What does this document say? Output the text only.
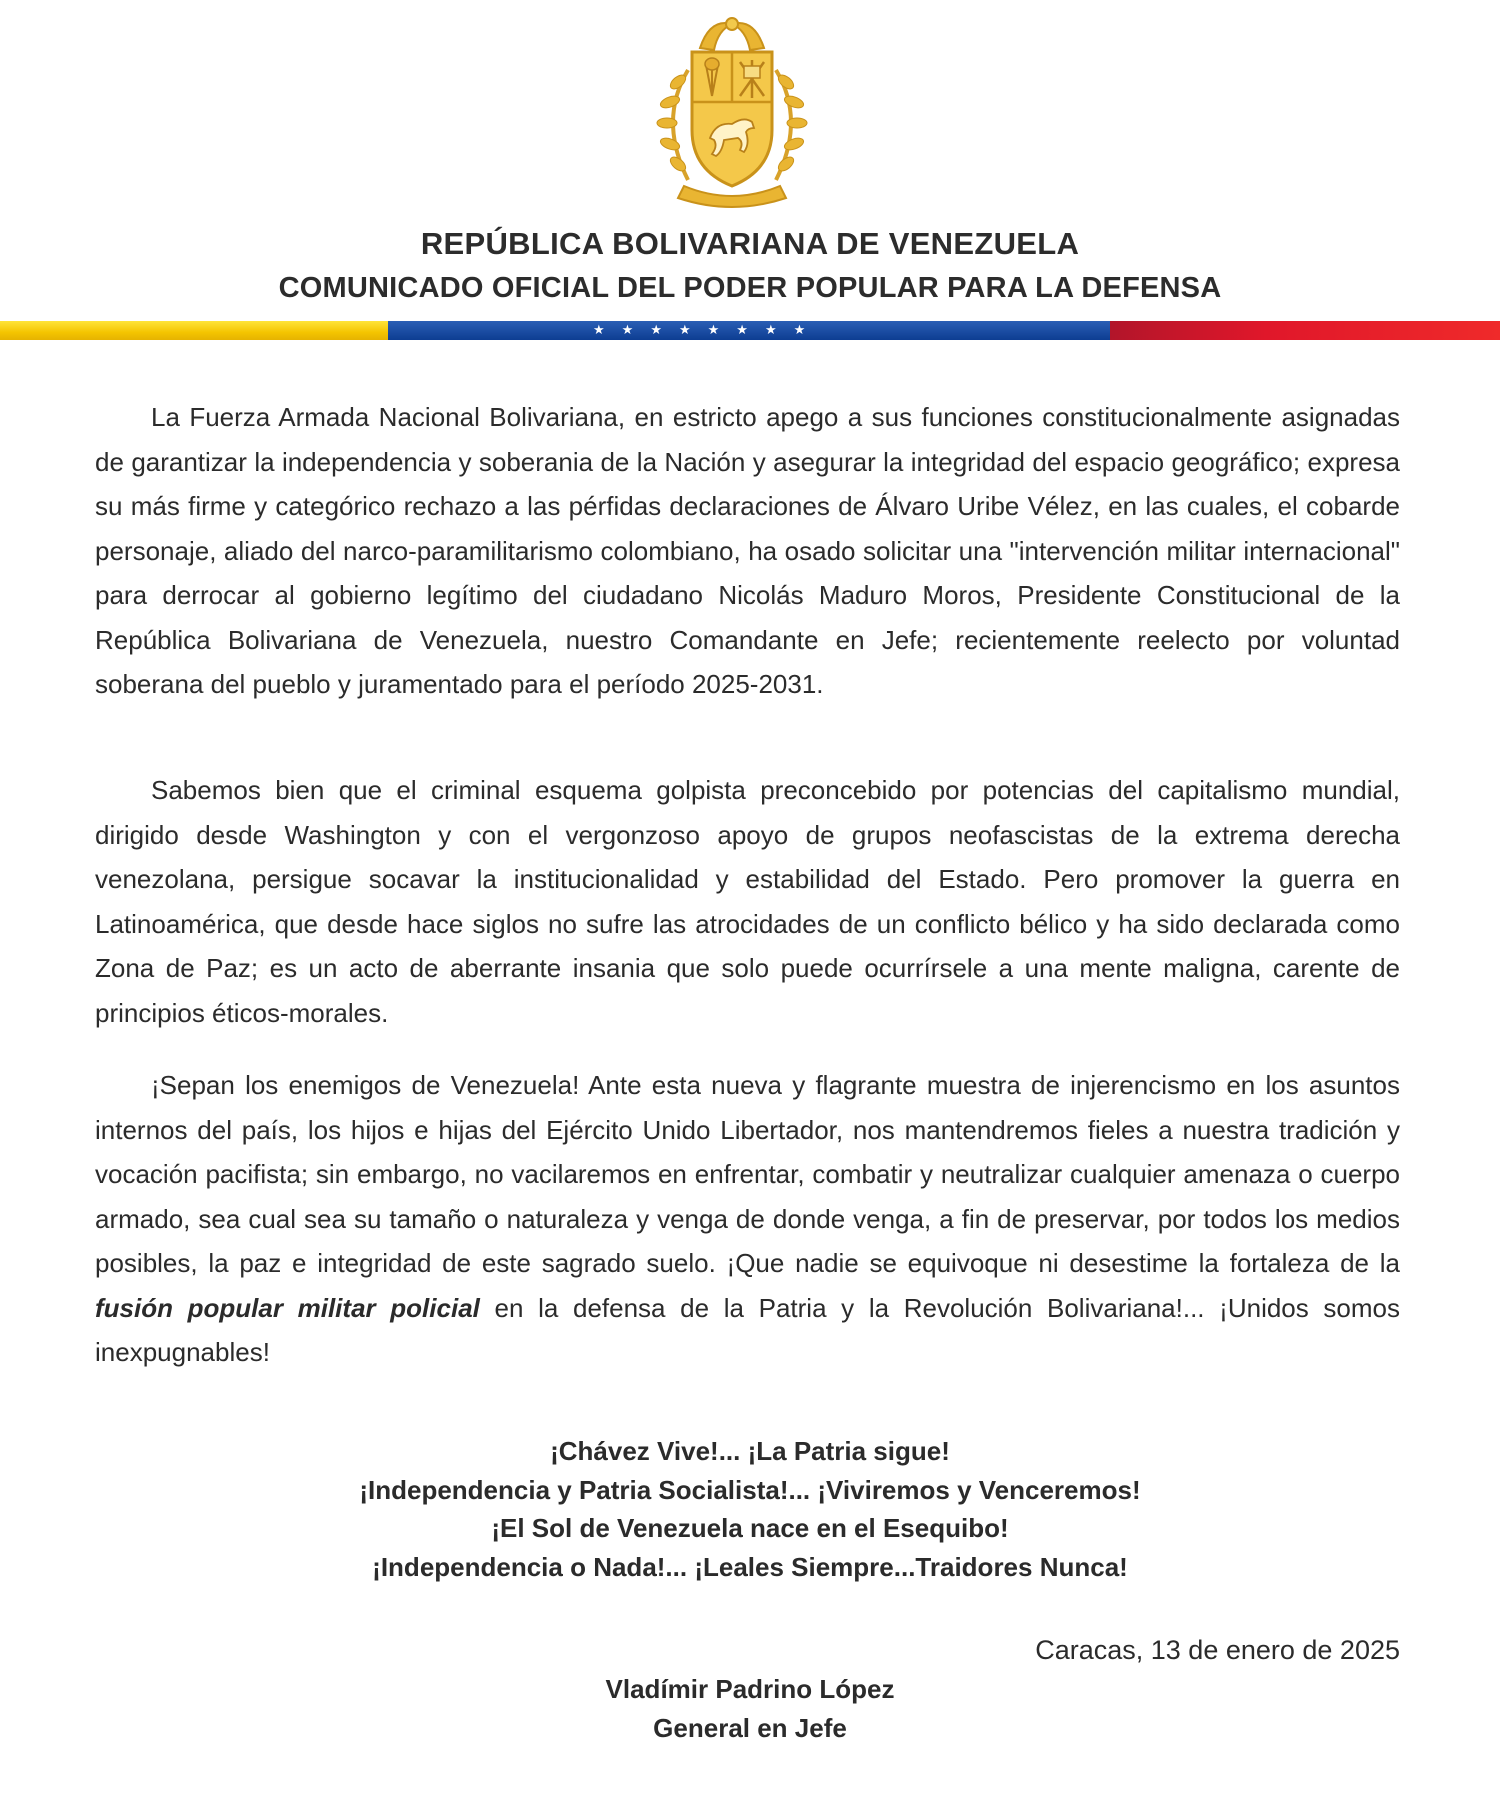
REPÚBLICA BOLIVARIANA DE VENEZUELA
COMUNICADO OFICIAL DEL PODER POPULAR PARA LA DEFENSA
★ ★ ★ ★ ★ ★ ★ ★

La Fuerza Armada Nacional Bolivariana, en estricto apego a sus funciones constitucionalmente asignadas de garantizar la independencia y soberania de la Nación y asegurar la integridad del espacio geográfico; expresa su más firme y categórico rechazo a las pérfidas declaraciones de Álvaro Uribe Vélez, en las cuales, el cobarde personaje, aliado del narco-paramilitarismo colombiano, ha osado solicitar una "intervención militar internacional" para derrocar al gobierno legítimo del ciudadano Nicolás Maduro Moros, Presidente Constitucional de la República Bolivariana de Venezuela, nuestro Comandante en Jefe; recientemente reelecto por voluntad soberana del pueblo y juramentado para el período 2025-2031.

Sabemos bien que el criminal esquema golpista preconcebido por potencias del capitalismo mundial, dirigido desde Washington y con el vergonzoso apoyo de grupos neofascistas de la extrema derecha venezolana, persigue socavar la institucionalidad y estabilidad del Estado. Pero promover la guerra en Latinoamérica, que desde hace siglos no sufre las atrocidades de un conflicto bélico y ha sido declarada como Zona de Paz; es un acto de aberrante insania que solo puede ocurrírsele a una mente maligna, carente de principios éticos-morales.

¡Sepan los enemigos de Venezuela! Ante esta nueva y flagrante muestra de injerencismo en los asuntos internos del país, los hijos e hijas del Ejército Unido Libertador, nos mantendremos fieles a nuestra tradición y vocación pacifista; sin embargo, no vacilaremos en enfrentar, combatir y neutralizar cualquier amenaza o cuerpo armado, sea cual sea su tamaño o naturaleza y venga de donde venga, a fin de preservar, por todos los medios posibles, la paz e integridad de este sagrado suelo. ¡Que nadie se equivoque ni desestime la fortaleza de la fusión popular militar policial en la defensa de la Patria y la Revolución Bolivariana!... ¡Unidos somos inexpugnables!

¡Chávez Vive!... ¡La Patria sigue!
¡Independencia y Patria Socialista!... ¡Viviremos y Venceremos!
¡El Sol de Venezuela nace en el Esequibo!
¡Independencia o Nada!... ¡Leales Siempre...Traidores Nunca!
Caracas, 13 de enero de 2025
Vladímir Padrino López
General en Jefe
